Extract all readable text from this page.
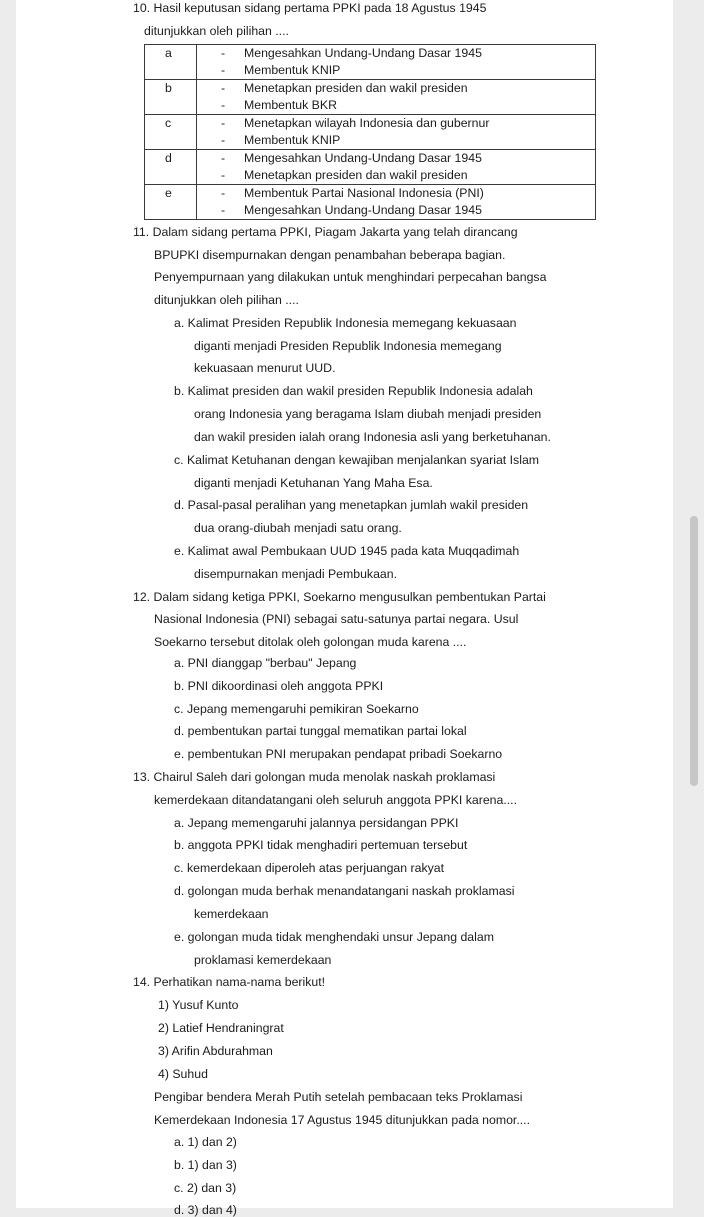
10. Hasil keputusan sidang pertama PPKI pada 18 Agustus 1945
ditunjukkan oleh pilihan ....
a	- Mengesahkan Undang-Undang Dasar 1945
- Membentuk KNIP

b	- Menetapkan presiden dan wakil presiden
- Membentuk BKR

c	- Menetapkan wilayah Indonesia dan gubernur
- Membentuk KNIP

d	- Mengesahkan Undang-Undang Dasar 1945
- Menetapkan presiden dan wakil presiden

e	- Membentuk Partai Nasional Indonesia (PNI)
- Mengesahkan Undang-Undang Dasar 1945
11. Dalam sidang pertama PPKI, Piagam Jakarta yang telah dirancang
BPUPKI disempurnakan dengan penambahan beberapa bagian.
Penyempurnaan yang dilakukan untuk menghindari perpecahan bangsa
ditunjukkan oleh pilihan ....
a. Kalimat Presiden Republik Indonesia memegang kekuasaan
diganti menjadi Presiden Republik Indonesia memegang
kekuasaan menurut UUD.
b. Kalimat presiden dan wakil presiden Republik Indonesia adalah
orang Indonesia yang beragama Islam diubah menjadi presiden
dan wakil presiden ialah orang Indonesia asli yang berketuhanan.
c. Kalimat Ketuhanan dengan kewajiban menjalankan syariat Islam
diganti menjadi Ketuhanan Yang Maha Esa.
d. Pasal-pasal peralihan yang menetapkan jumlah wakil presiden
dua orang-diubah menjadi satu orang.
e. Kalimat awal Pembukaan UUD 1945 pada kata Muqqadimah
disempurnakan menjadi Pembukaan.
12. Dalam sidang ketiga PPKI, Soekarno mengusulkan pembentukan Partai
Nasional Indonesia (PNI) sebagai satu-satunya partai negara. Usul
Soekarno tersebut ditolak oleh golongan muda karena ....
a. PNI dianggap "berbau" Jepang
b. PNI dikoordinasi oleh anggota PPKI
c. Jepang memengaruhi pemikiran Soekarno
d. pembentukan partai tunggal mematikan partai lokal
e. pembentukan PNI merupakan pendapat pribadi Soekarno
13. Chairul Saleh dari golongan muda menolak naskah proklamasi
kemerdekaan ditandatangani oleh seluruh anggota PPKI karena....
a. Jepang memengaruhi jalannya persidangan PPKI
b. anggota PPKI tidak menghadiri pertemuan tersebut
c. kemerdekaan diperoleh atas perjuangan rakyat
d. golongan muda berhak menandatangani naskah proklamasi
kemerdekaan
e. golongan muda tidak menghendaki unsur Jepang dalam
proklamasi kemerdekaan
14. Perhatikan nama-nama berikut!
1) Yusuf Kunto
2) Latief Hendraningrat
3) Arifin Abdurahman
4) Suhud
Pengibar bendera Merah Putih setelah pembacaan teks Proklamasi
Kemerdekaan Indonesia 17 Agustus 1945 ditunjukkan pada nomor....
a. 1) dan 2)
b. 1) dan 3)
c. 2) dan 3)
d. 3) dan 4)
